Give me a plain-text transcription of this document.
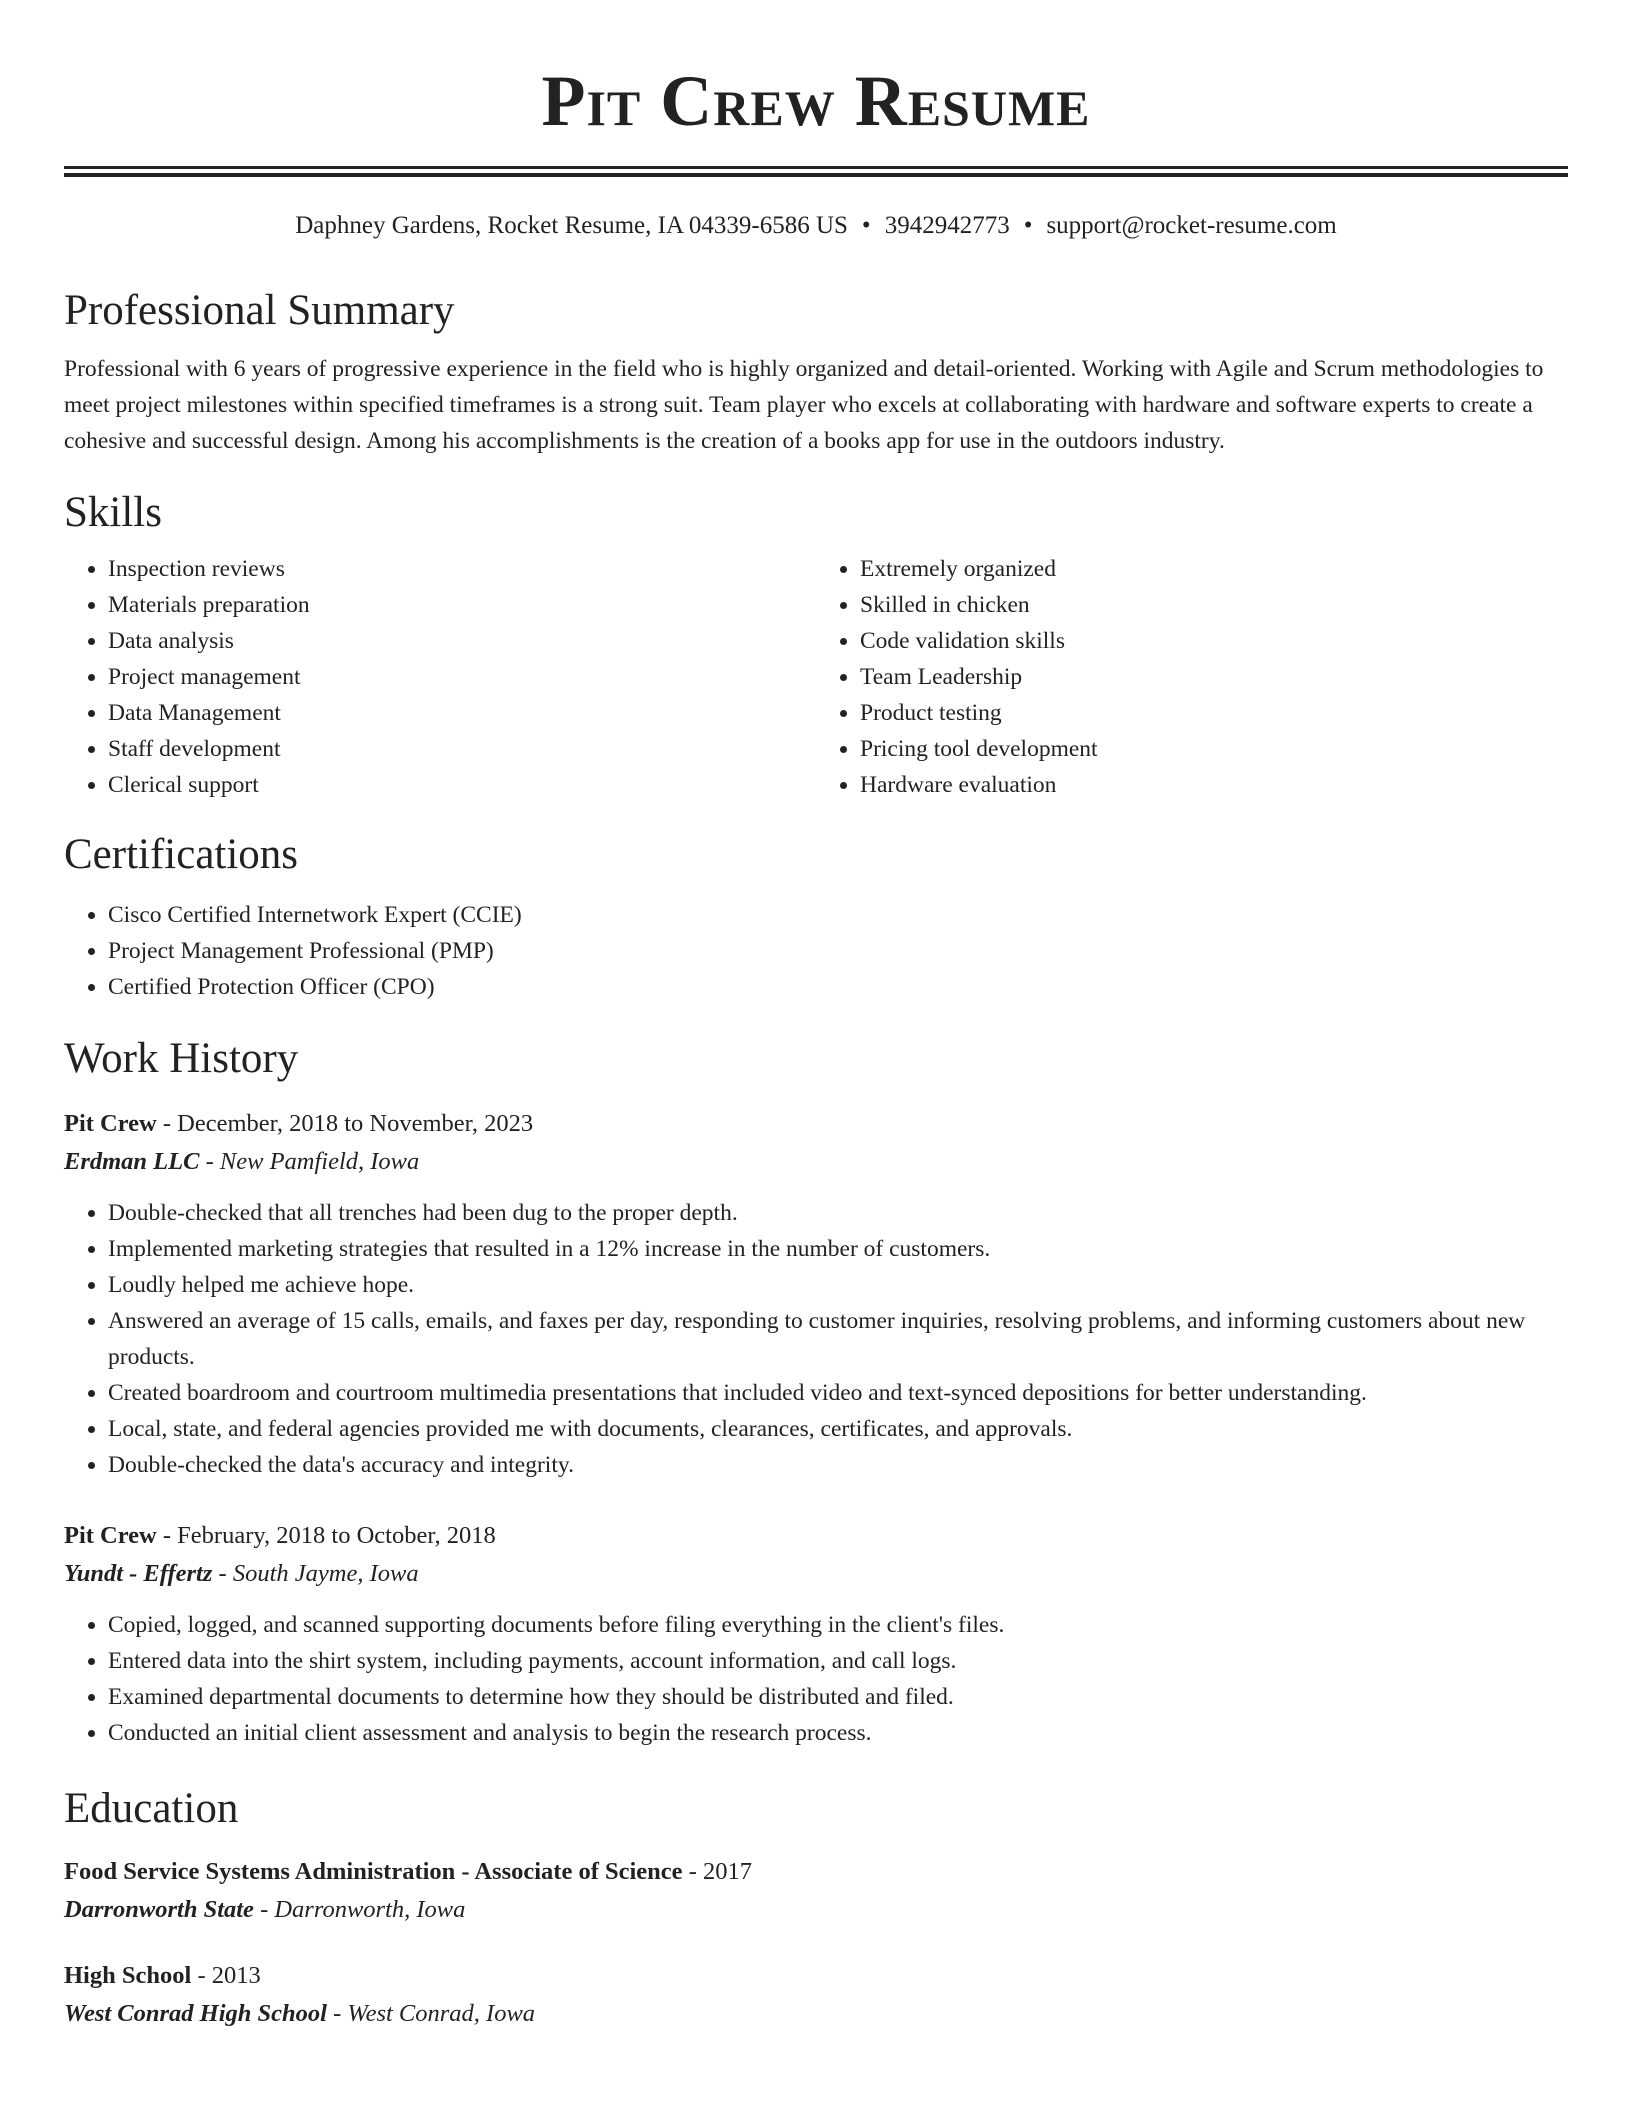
Pit Crew Resume
Daphney Gardens, Rocket Resume, IA 04339-6586 US • 3942942773 • support@rocket-resume.com
Professional Summary
Professional with 6 years of progressive experience in the field who is highly organized and detail-oriented. Working with Agile and Scrum methodologies to meet project milestones within specified timeframes is a strong suit. Team player who excels at collaborating with hardware and software experts to create a cohesive and successful design. Among his accomplishments is the creation of a books app for use in the outdoors industry.
Skills
• Inspection reviews
• Materials preparation
• Data analysis
• Project management
• Data Management
• Staff development
• Clerical support
• Extremely organized
• Skilled in chicken
• Code validation skills
• Team Leadership
• Product testing
• Pricing tool development
• Hardware evaluation
Certifications
• Cisco Certified Internetwork Expert (CCIE)
• Project Management Professional (PMP)
• Certified Protection Officer (CPO)
Work History
Pit Crew - December, 2018 to November, 2023
Erdman LLC - New Pamfield, Iowa
• Double-checked that all trenches had been dug to the proper depth.
• Implemented marketing strategies that resulted in a 12% increase in the number of customers.
• Loudly helped me achieve hope.
• Answered an average of 15 calls, emails, and faxes per day, responding to customer inquiries, resolving problems, and informing customers about new products.
• Created boardroom and courtroom multimedia presentations that included video and text-synced depositions for better understanding.
• Local, state, and federal agencies provided me with documents, clearances, certificates, and approvals.
• Double-checked the data's accuracy and integrity.
Pit Crew - February, 2018 to October, 2018
Yundt - Effertz - South Jayme, Iowa
• Copied, logged, and scanned supporting documents before filing everything in the client's files.
• Entered data into the shirt system, including payments, account information, and call logs.
• Examined departmental documents to determine how they should be distributed and filed.
• Conducted an initial client assessment and analysis to begin the research process.
Education
Food Service Systems Administration - Associate of Science - 2017
Darronworth State - Darronworth, Iowa
High School - 2013
West Conrad High School - West Conrad, Iowa
